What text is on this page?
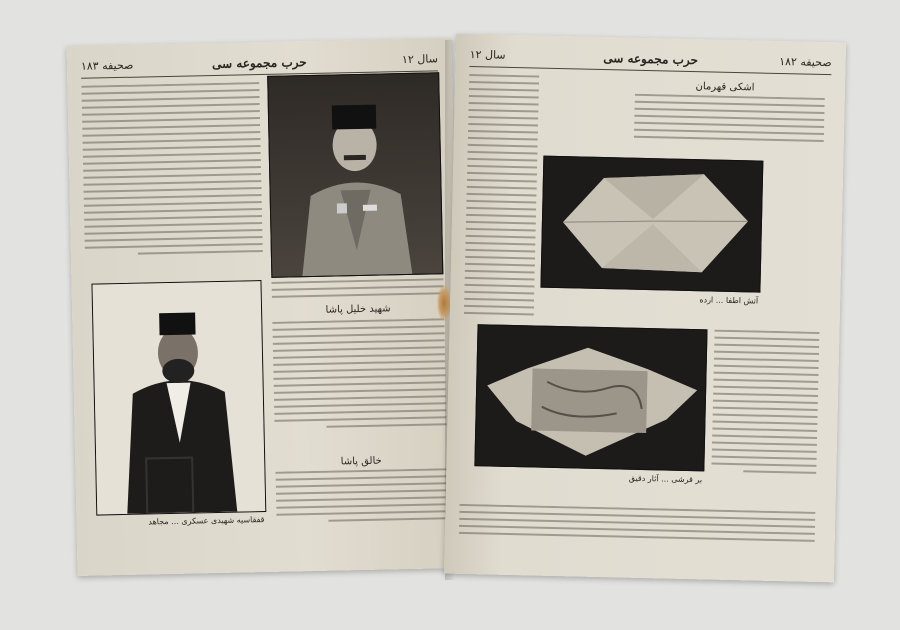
صحيفه ١٨٣	حرب مجموعه سى	سال ١٢
شهيد خليل پاشا
قفقاسيه شهيدى عسكرى ... مجاهد
خالق پاشا
سال ١٢	حرب مجموعه سى	صحيفه ١٨٢
اشكى قهرمان
آتش اطفا ... ارده
بر قرشى ... آثار دقيق
